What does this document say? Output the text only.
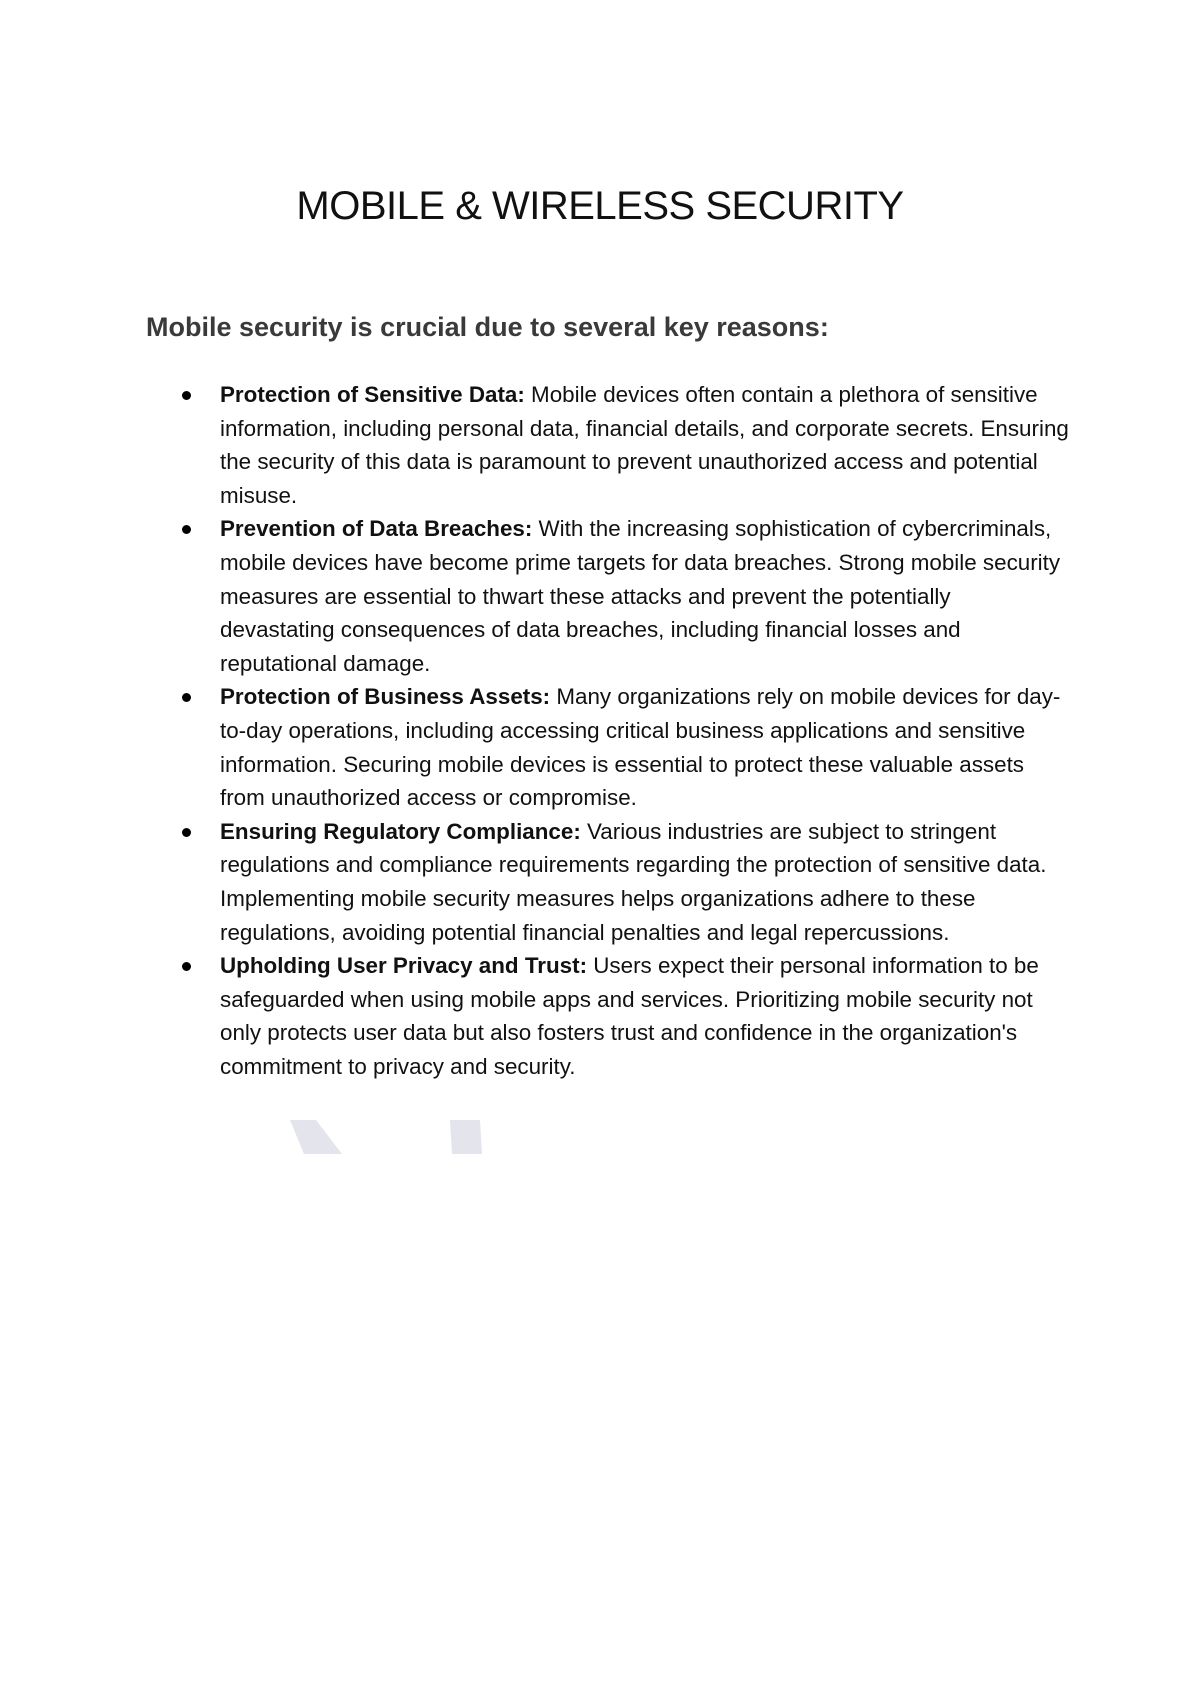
MOBILE & WIRELESS SECURITY
Mobile security is crucial due to several key reasons:
Protection of Sensitive Data: Mobile devices often contain a plethora of sensitive information, including personal data, financial details, and corporate secrets. Ensuring the security of this data is paramount to prevent unauthorized access and potential misuse.
Prevention of Data Breaches: With the increasing sophistication of cybercriminals, mobile devices have become prime targets for data breaches. Strong mobile security measures are essential to thwart these attacks and prevent the potentially devastating consequences of data breaches, including financial losses and reputational damage.
Protection of Business Assets: Many organizations rely on mobile devices for day-to-day operations, including accessing critical business applications and sensitive information. Securing mobile devices is essential to protect these valuable assets from unauthorized access or compromise.
Ensuring Regulatory Compliance: Various industries are subject to stringent regulations and compliance requirements regarding the protection of sensitive data. Implementing mobile security measures helps organizations adhere to these regulations, avoiding potential financial penalties and legal repercussions.
Upholding User Privacy and Trust: Users expect their personal information to be safeguarded when using mobile apps and services. Prioritizing mobile security not only protects user data but also fosters trust and confidence in the organization's commitment to privacy and security.
